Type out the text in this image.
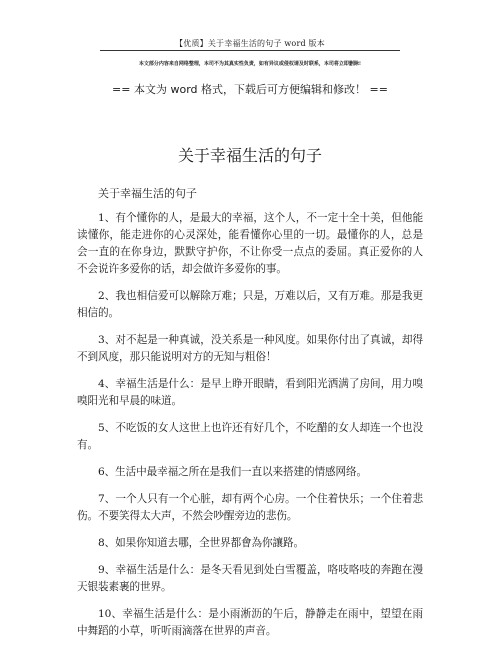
【优质】关于幸福生活的句子 word 版本
本文部分内容来自网络整理，本司不为其真实性负责，如有异议或侵权请及时联系，本司将立即删除!
== 本文为 word 格式，下载后可方便编辑和修改！ ==
关于幸福生活的句子
关于幸福生活的句子

1、有个懂你的人，是最大的幸福，这个人，不一定十全十美，但他能读懂你，能走进你的心灵深处，能看懂你心里的一切。最懂你的人，总是会一直的在你身边，默默守护你，不让你受一点点的委屈。真正爱你的人不会说许多爱你的话，却会做许多爱你的事。

2、我也相信爱可以解除万难；只是，万难以后，又有万难。那是我更相信的。

3、对不起是一种真诚，没关系是一种风度。如果你付出了真诚，却得不到风度，那只能说明对方的无知与粗俗！

4、幸福生活是什么：是早上睁开眼睛，看到阳光洒满了房间，用力嗅嗅阳光和早晨的味道。

5、不吃饭的女人这世上也许还有好几个，不吃醋的女人却连一个也没有。

6、生活中最幸福之所在是我们一直以来搭建的情感网络。

7、一个人只有一个心脏，却有两个心房。一个住着快乐；一个住着悲伤。不要笑得太大声，不然会吵醒旁边的悲伤。

8、如果你知道去哪，全世界都會為你讓路。

9、幸福生活是什么：是冬天看见到处白雪覆盖，咯吱咯吱的奔跑在漫天银装素裹的世界。

10、幸福生活是什么：是小雨淅沥的午后，静静走在雨中，望望在雨中舞蹈的小草，听听雨滴落在世界的声音。
